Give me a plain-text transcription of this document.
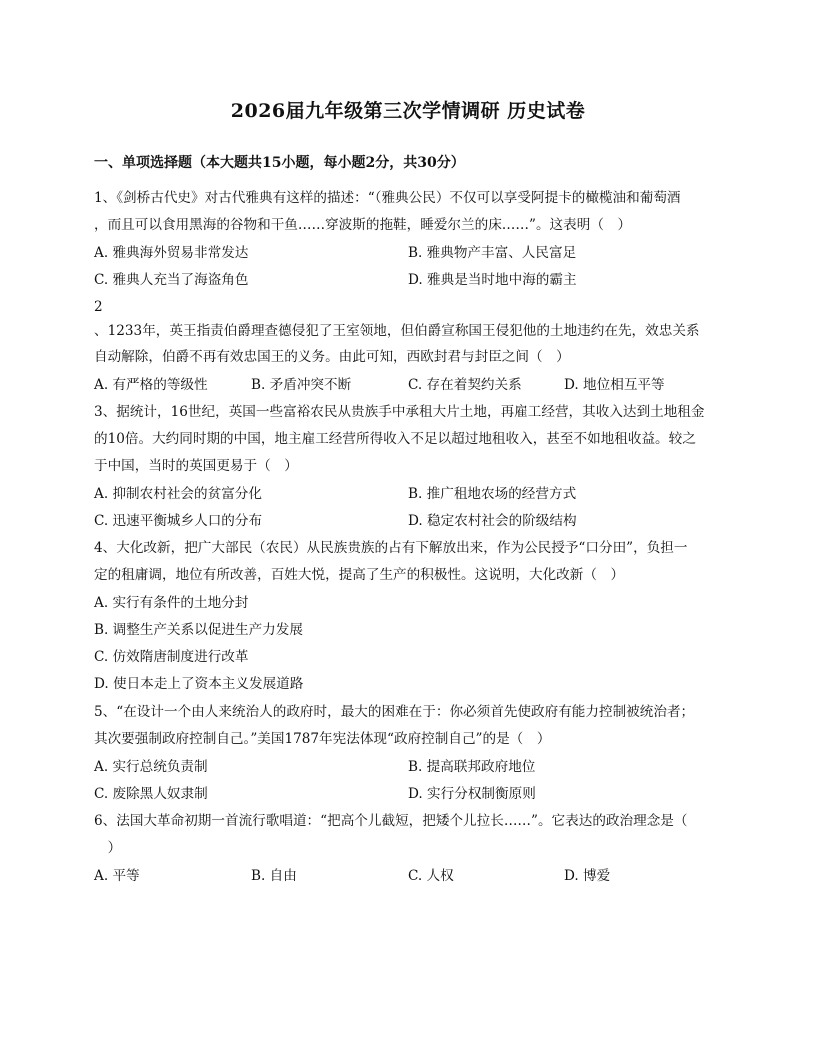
2026届九年级第三次学情调研 历史试卷
一、单项选择题（本大题共15小题，每小题2分，共30分）
1、《剑桥古代史》对古代雅典有这样的描述：“（雅典公民）不仅可以享受阿提卡的橄榄油和葡萄酒
，而且可以食用黑海的谷物和干鱼……穿波斯的拖鞋，睡爱尔兰的床……”。这表明（　）
A. 雅典海外贸易非常发达	B. 雅典物产丰富、人民富足
C. 雅典人充当了海盗角色	D. 雅典是当时地中海的霸主
2
、1233年，英王指责伯爵理查德侵犯了王室领地，但伯爵宣称国王侵犯他的土地违约在先，效忠关系
自动解除，伯爵不再有效忠国王的义务。由此可知，西欧封君与封臣之间（　）
A. 有严格的等级性	B. 矛盾冲突不断	C. 存在着契约关系	D. 地位相互平等
3、据统计，16世纪，英国一些富裕农民从贵族手中承租大片土地，再雇工经营，其收入达到土地租金
的10倍。大约同时期的中国，地主雇工经营所得收入不足以超过地租收入，甚至不如地租收益。较之
于中国，当时的英国更易于（　）
A. 抑制农村社会的贫富分化	B. 推广租地农场的经营方式
C. 迅速平衡城乡人口的分布	D. 稳定农村社会的阶级结构
4、大化改新，把广大部民（农民）从民族贵族的占有下解放出来，作为公民授予“口分田”，负担一
定的租庸调，地位有所改善，百姓大悦，提高了生产的积极性。这说明，大化改新（　）
A. 实行有条件的土地分封
B. 调整生产关系以促进生产力发展
C. 仿效隋唐制度进行改革
D. 使日本走上了资本主义发展道路
5、“在设计一个由人来统治人的政府时，最大的困难在于：你必须首先使政府有能力控制被统治者；
其次要强制政府控制自己。”美国1787年宪法体现“政府控制自己”的是（　）
A. 实行总统负责制	B. 提高联邦政府地位
C. 废除黑人奴隶制	D. 实行分权制衡原则
6、法国大革命初期一首流行歌唱道：“把高个儿截短，把矮个儿拉长……”。它表达的政治理念是（
　）
A. 平等	B. 自由	C. 人权	D. 博爱
